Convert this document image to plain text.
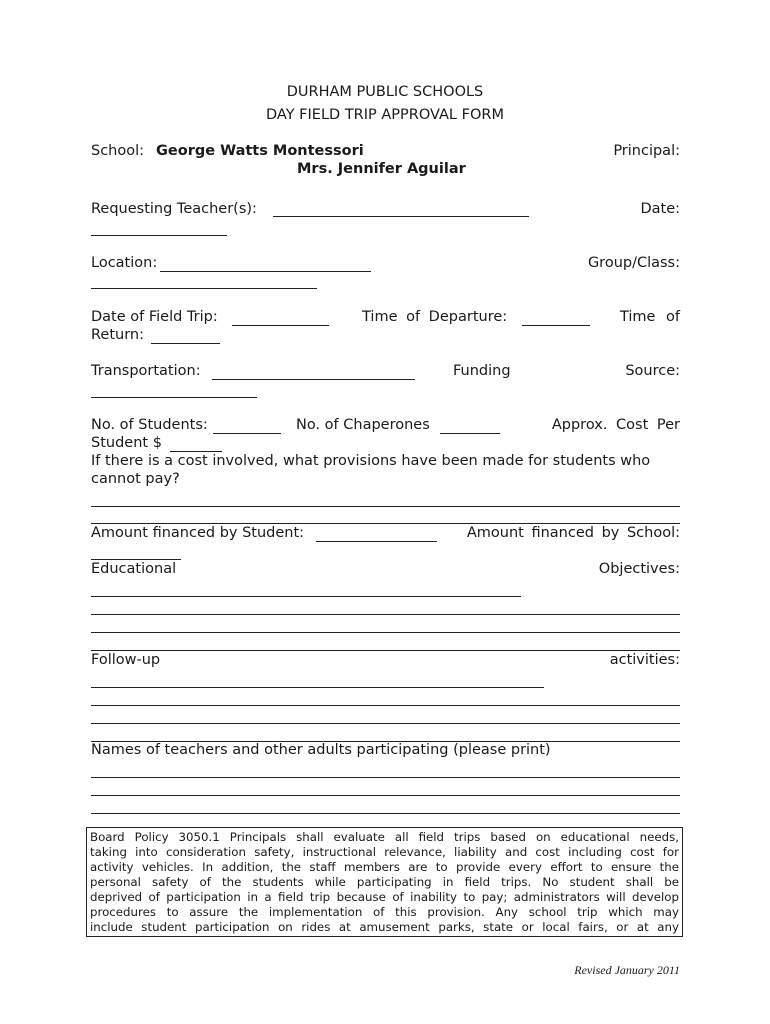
DURHAM PUBLIC SCHOOLS
DAY FIELD TRIP APPROVAL FORM
School: George Watts Montessori	Principal:
Mrs. Jennifer Aguilar
Requesting Teacher(s):	Date:
Location:	Group/Class:
Date of Field Trip:	Time of Departure:	Time of
Return:
Transportation:	Funding	Source:
No. of Students:	No. of Chaperones	Approx. Cost Per
Student $
If there is a cost involved, what provisions have been made for students who
cannot pay?
Amount financed by Student:	Amount financed by School:
Educational	Objectives:
Follow-up	activities:
Names of teachers and other adults participating (please print)
Board Policy 3050.1 Principals shall evaluate all field trips based on educational needs,
taking into consideration safety, instructional relevance, liability and cost including cost for
activity vehicles. In addition, the staff members are to provide every effort to ensure the
personal safety of the students while participating in field trips. No student shall be
deprived of participation in a field trip because of inability to pay; administrators will develop
procedures to assure the implementation of this provision. Any school trip which may
include student participation on rides at amusement parks, state or local fairs, or at any
Revised January 2011
